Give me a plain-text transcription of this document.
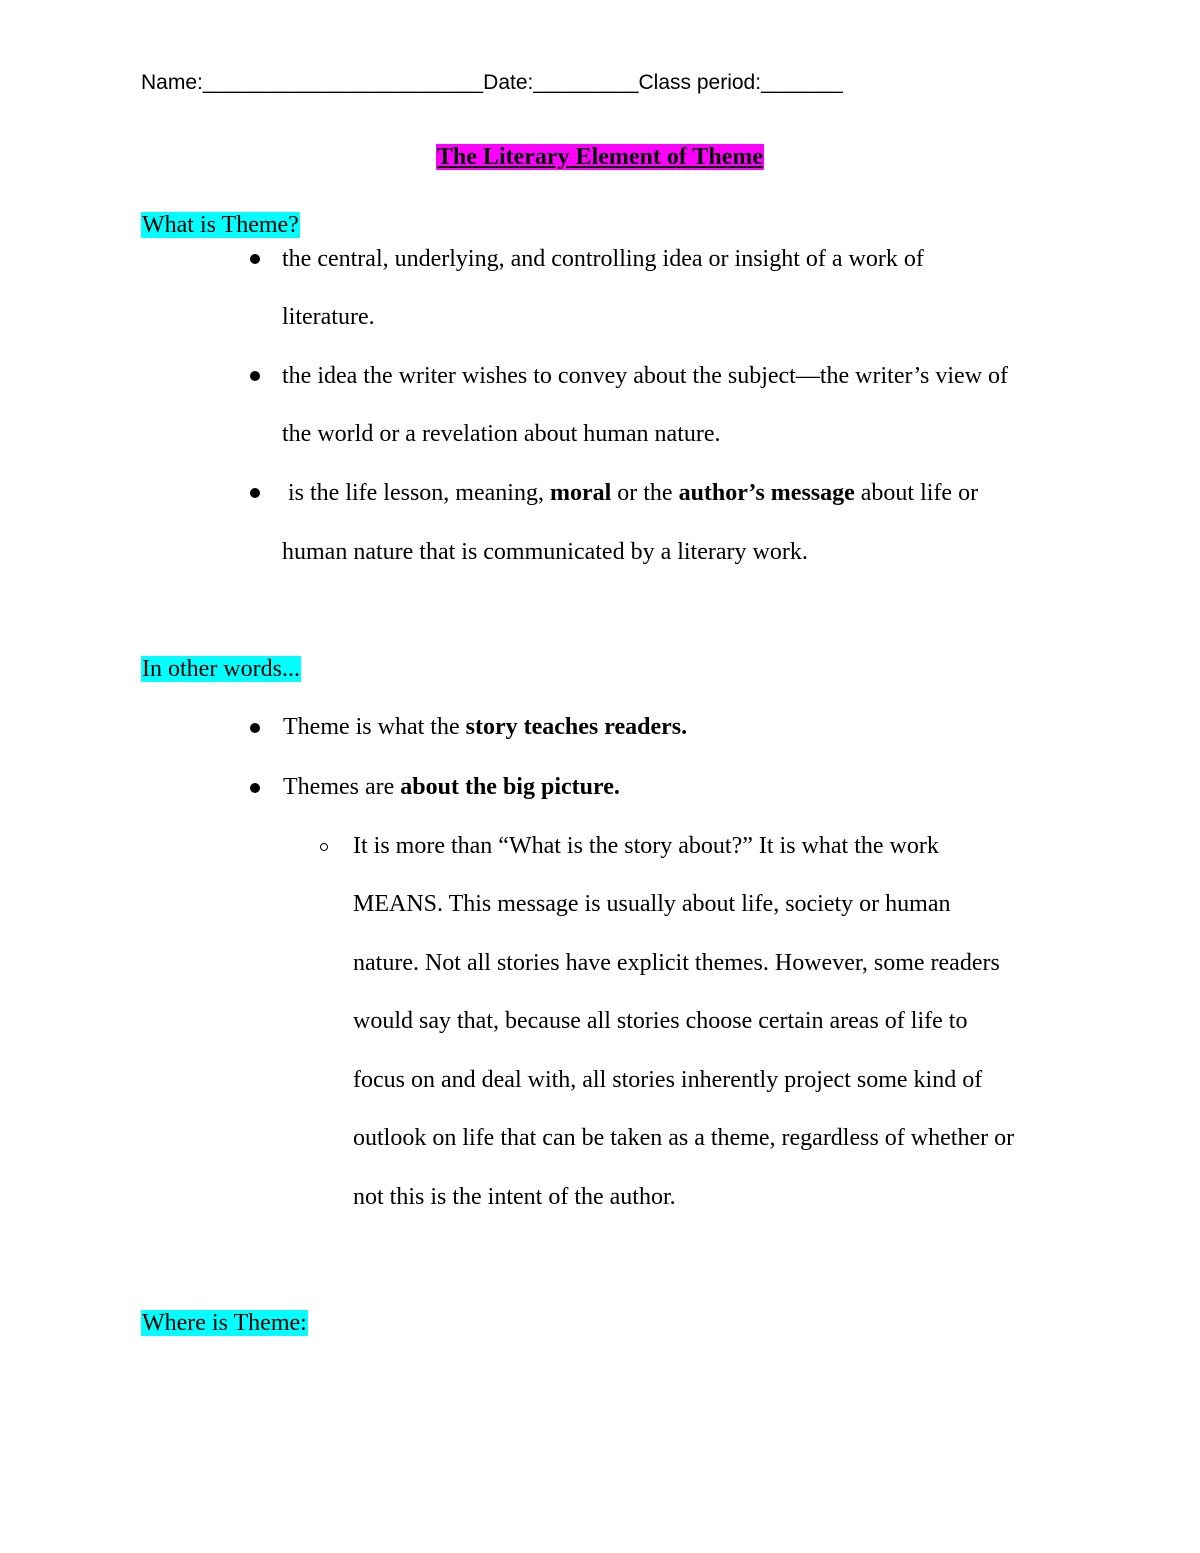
Name:________________________Date:_________Class period:_______
The Literary Element of Theme
What is Theme?
the central, underlying, and controlling idea or insight of a work of
literature.
the idea the writer wishes to convey about the subject—the writer’s view of
the world or a revelation about human nature.
is the life lesson, meaning, moral or the author’s message about life or
human nature that is communicated by a literary work.
In other words...
Theme is what the story teaches readers.
Themes are about the big picture.
It is more than “What is the story about?” It is what the work
MEANS. This message is usually about life, society or human
nature. Not all stories have explicit themes. However, some readers
would say that, because all stories choose certain areas of life to
focus on and deal with, all stories inherently project some kind of
outlook on life that can be taken as a theme, regardless of whether or
not this is the intent of the author.
Where is Theme:
